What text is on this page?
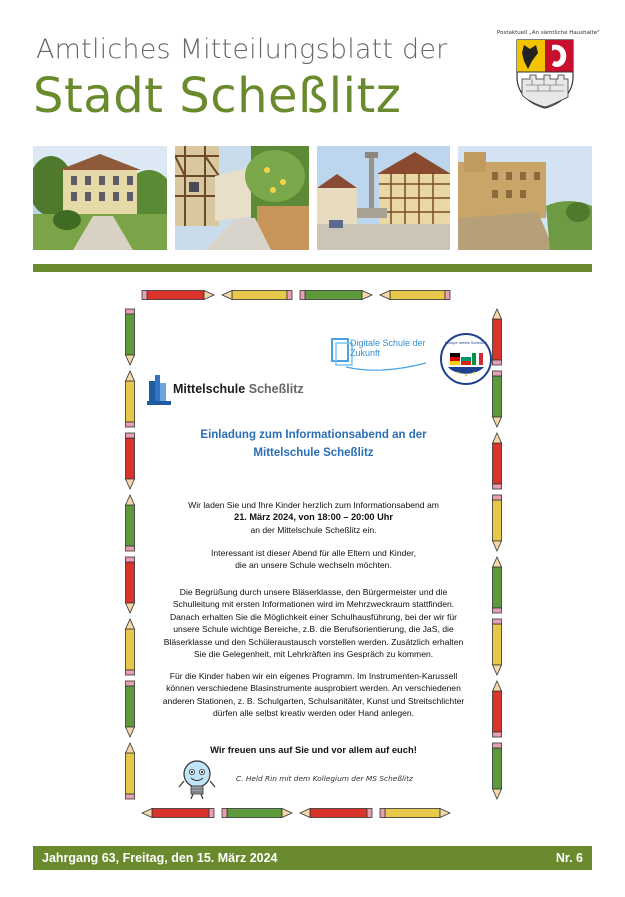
Amtliches Mitteilungsblatt der
Stadt Scheßlitz
Postaktuell „An sämtliche Haushalte"
Digitale Schule der Zukunft
Europe meets Scheßlitz
Mittelschule Scheßlitz
Einladung zum Informationsabend an der
Mittelschule Scheßlitz
Wir laden Sie und Ihre Kinder herzlich zum Informationsabend am
21. März 2024, von 18:00 – 20:00 Uhr
an der Mittelschule Scheßlitz ein.
Interessant ist dieser Abend für alle Eltern und Kinder,
die an unsere Schule wechseln möchten.
Die Begrüßung durch unsere Bläserklasse, den Bürgermeister und die
Schulleitung mit ersten Informationen wird im Mehrzweckraum stattfinden.
Danach erhalten Sie die Möglichkeit einer Schulhausführung, bei der wir für
unsere Schule wichtige Bereiche, z.B. die Berufsorientierung, die JaS, die
Bläserklasse und den Schüleraustausch vorstellen werden. Zusätzlich erhalten
Sie die Gelegenheit, mit Lehrkräften ins Gespräch zu kommen.
Für die Kinder haben wir ein eigenes Programm. Im Instrumenten-Karussell
können verschiedene Blasinstrumente ausprobiert werden. An verschiedenen
anderen Stationen, z. B. Schulgarten, Schulsanitäter, Kunst und Streitschlichter
dürfen alle selbst kreativ werden oder Hand anlegen.
Wir freuen uns auf Sie und vor allem auf euch!
C. Held Rin mit dem Kollegium der MS Scheßlitz
Jahrgang 63, Freitag, den 15. März 2024	Nr. 6
